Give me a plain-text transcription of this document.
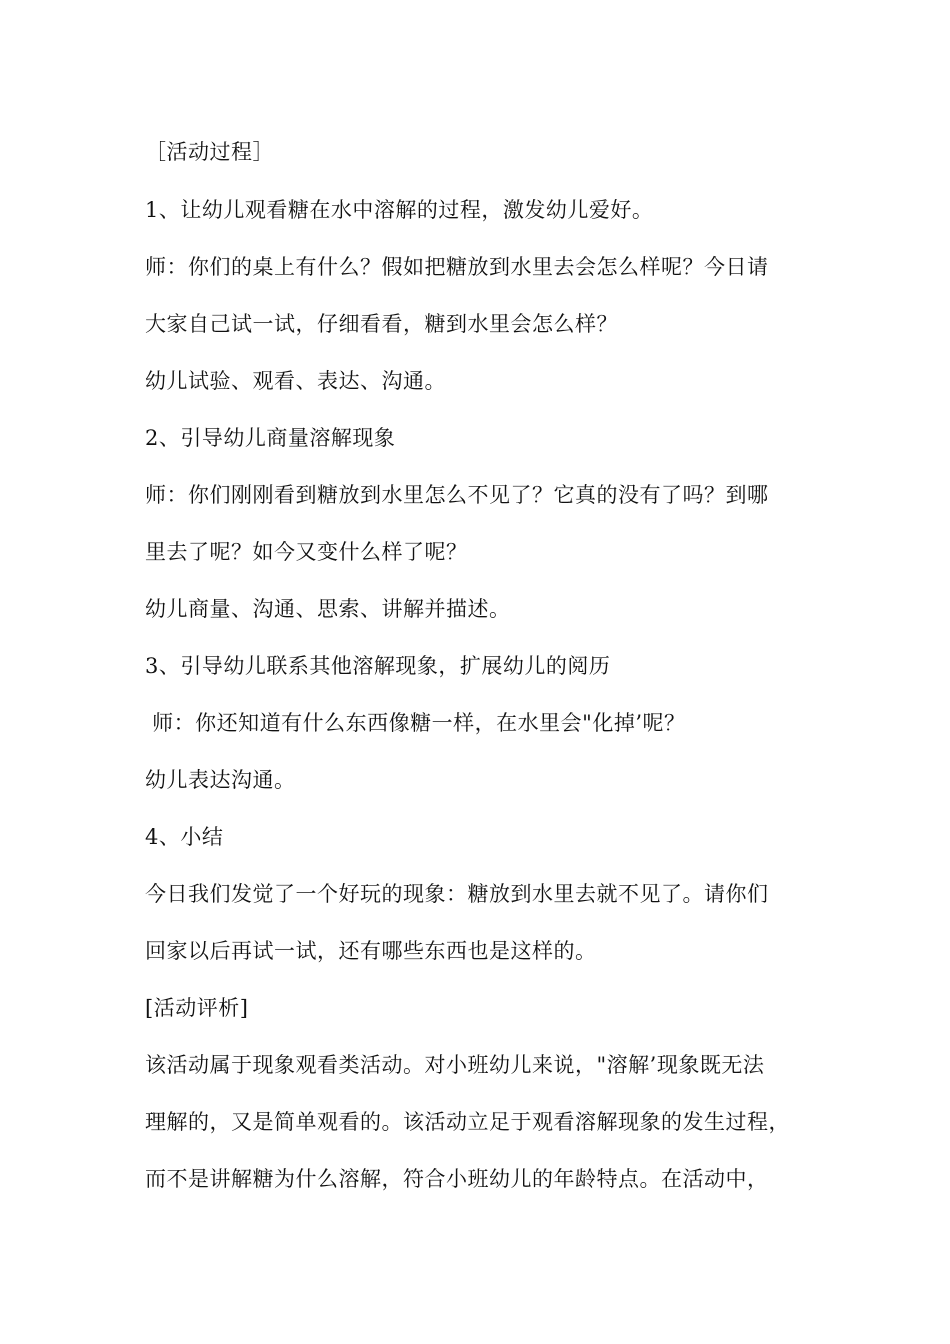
［活动过程］
1、让幼儿观看糖在水中溶解的过程，激发幼儿爱好。
师：你们的桌上有什么？假如把糖放到水里去会怎么样呢？今日请
大家自己试一试，仔细看看，糖到水里会怎么样？
幼儿试验、观看、表达、沟通。
2、引导幼儿商量溶解现象
师：你们刚刚看到糖放到水里怎么不见了？它真的没有了吗？到哪
里去了呢？如今又变什么样了呢？
幼儿商量、沟通、思索、讲解并描述。
3、引导幼儿联系其他溶解现象，扩展幼儿的阅历
师：你还知道有什么东西像糖一样，在水里会"化掉’呢？
幼儿表达沟通。
4、小结
今日我们发觉了一个好玩的现象：糖放到水里去就不见了。请你们
回家以后再试一试，还有哪些东西也是这样的。
[活动评析]
该活动属于现象观看类活动。对小班幼儿来说，"溶解’现象既无法
理解的，又是简单观看的。该活动立足于观看溶解现象的发生过程，
而不是讲解糖为什么溶解，符合小班幼儿的年龄特点。在活动中，
